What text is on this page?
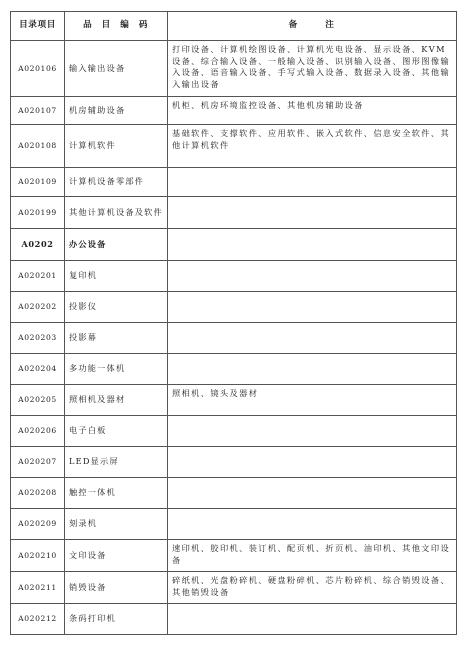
目录项目	品 目 编 码	备 注
A020106	输入输出设备	打印设备、计算机绘图设备、计算机光电设备、显示设备、KVM设备、综合输入设备、一般输入设备、识别输入设备、图形图像输入设备、语音输入设备、手写式输入设备、数据录入设备、其他输入输出设备
A020107	机房辅助设备	机柜、机房环境监控设备、其他机房辅助设备
A020108	计算机软件	基础软件、支撑软件、应用软件、嵌入式软件、信息安全软件、其他计算机软件
A020109	计算机设备零部件	
A020199	其他计算机设备及软件	
A0202	办公设备	
A020201	复印机	
A020202	投影仪	
A020203	投影幕	
A020204	多功能一体机	
A020205	照相机及器材	照相机、镜头及器材
A020206	电子白板	
A020207	LED显示屏	
A020208	触控一体机	
A020209	刻录机	
A020210	文印设备	速印机、胶印机、装订机、配页机、折页机、油印机、其他文印设备
A020211	销毁设备	碎纸机、光盘粉碎机、硬盘粉碎机、芯片粉碎机、综合销毁设备、其他销毁设备
A020212	条码打印机	
